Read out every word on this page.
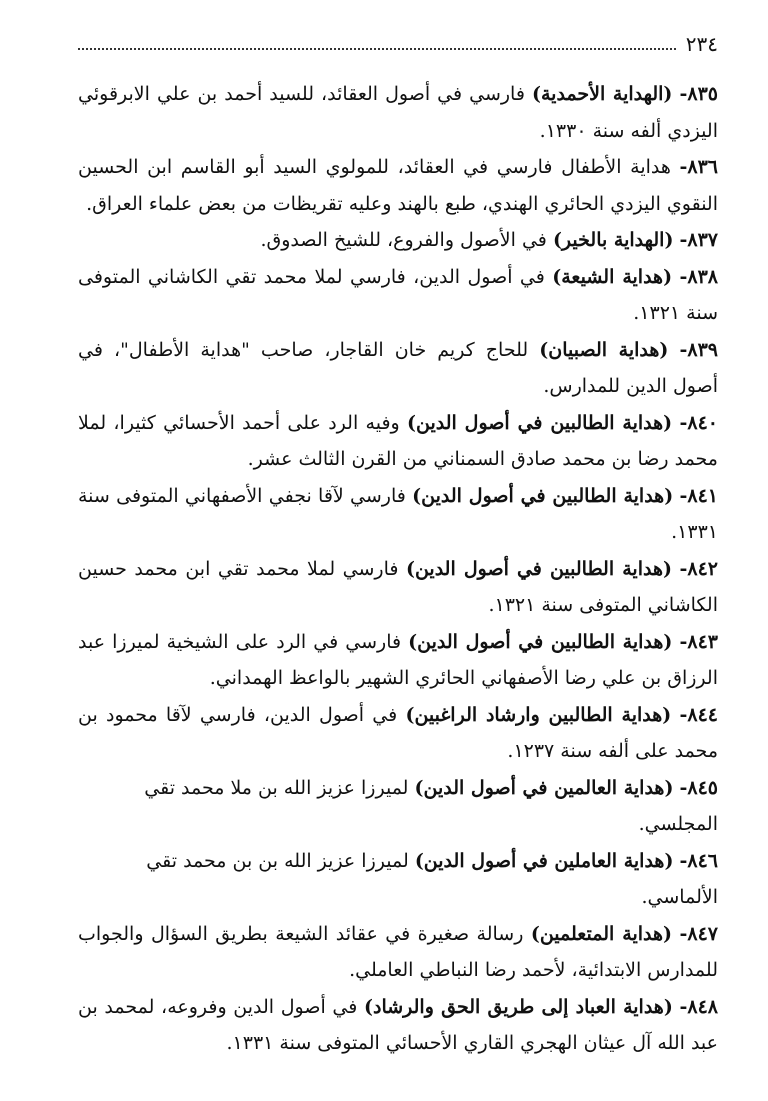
٢٣٤

٨٣٥- (الهداية الأحمدية) فارسي في أصول العقائد، للسيد أحمد بن علي الابرقوئي اليزدي ألفه سنة ١٣٣٠.

٨٣٦- هداية الأطفال فارسي في العقائد، للمولوي السيد أبو القاسم ابن الحسين النقوي اليزدي الحائري الهندي، طبع بالهند وعليه تقريظات من بعض علماء العراق.

٨٣٧- (الهداية بالخير) في الأصول والفروع، للشيخ الصدوق.

٨٣٨- (هداية الشيعة) في أصول الدين، فارسي لملا محمد تقي الكاشاني المتوفى سنة ١٣٢١.

٨٣٩- (هداية الصبيان) للحاج كريم خان القاجار، صاحب "هداية الأطفال"، في أصول الدين للمدارس.

٨٤٠- (هداية الطالبين في أصول الدين) وفيه الرد على أحمد الأحسائي كثيرا، لملا محمد رضا بن محمد صادق السمناني من القرن الثالث عشر.

٨٤١- (هداية الطالبين في أصول الدين) فارسي لآقا نجفي الأصفهاني المتوفى سنة ١٣٣١.

٨٤٢- (هداية الطالبين في أصول الدين) فارسي لملا محمد تقي ابن محمد حسين الكاشاني المتوفى سنة ١٣٢١.

٨٤٣- (هداية الطالبين في أصول الدين) فارسي في الرد على الشيخية لميرزا عبد الرزاق بن علي رضا الأصفهاني الحائري الشهير بالواعظ الهمداني.

٨٤٤- (هداية الطالبين وارشاد الراغبين) في أصول الدين، فارسي لآقا محمود بن محمد على ألفه سنة ١٢٣٧.

٨٤٥- (هداية العالمين في أصول الدين) لميرزا عزيز الله بن ملا محمد تقي المجلسي.

٨٤٦- (هداية العاملين في أصول الدين) لميرزا عزيز الله بن بن محمد تقي الألماسي.

٨٤٧- (هداية المتعلمين) رسالة صغيرة في عقائد الشيعة بطريق السؤال والجواب للمدارس الابتدائية، لأحمد رضا النباطي العاملي.

٨٤٨- (هداية العباد إلى طريق الحق والرشاد) في أصول الدين وفروعه، لمحمد بن عبد الله آل عيثان الهجري القاري الأحسائي المتوفى سنة ١٣٣١.
